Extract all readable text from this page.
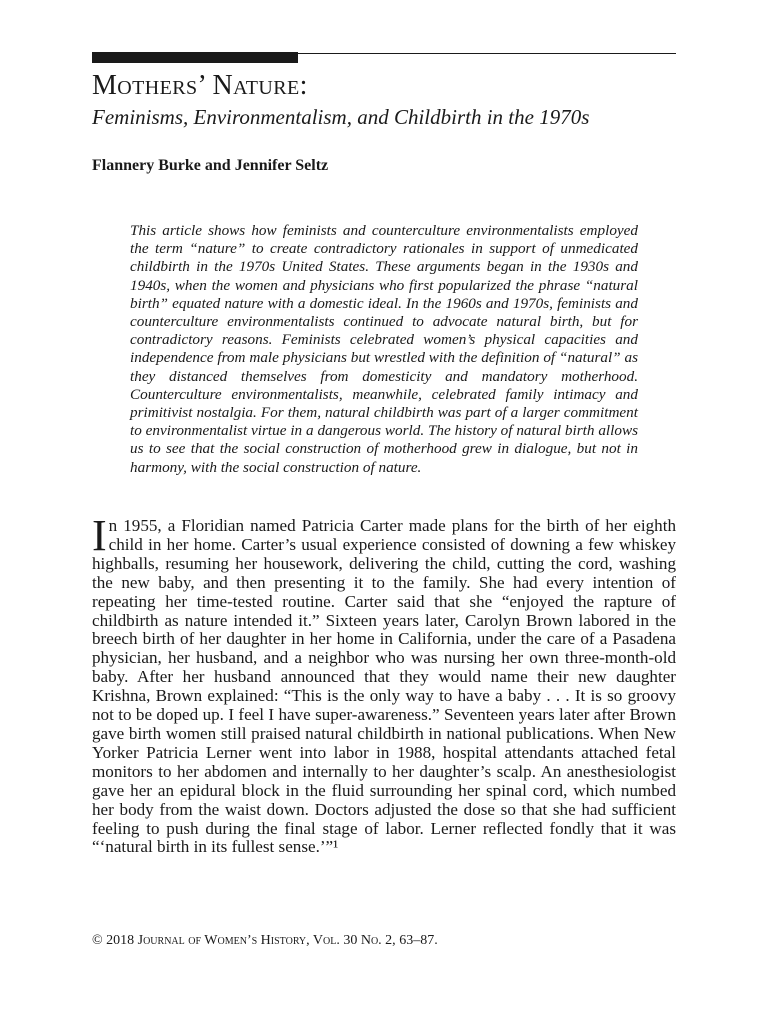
Mothers’ Nature:
Feminisms, Environmentalism, and Childbirth in the 1970s

Flannery Burke and Jennifer Seltz

This article shows how feminists and counterculture environmentalists employed the term “nature” to create contradictory rationales in support of unmedicated childbirth in the 1970s United States. These arguments began in the 1930s and 1940s, when the women and physicians who first popularized the phrase “natural birth” equated nature with a domestic ideal. In the 1960s and 1970s, feminists and counterculture environmentalists continued to advocate natural birth, but for contradictory reasons. Feminists celebrated women’s physical capacities and independence from male physicians but wrestled with the definition of “natural” as they distanced themselves from domesticity and mandatory motherhood. Counterculture environmentalists, meanwhile, celebrated family intimacy and primitivist nostalgia. For them, natural childbirth was part of a larger commitment to environmentalist virtue in a dangerous world. The history of natural birth allows us to see that the social construction of motherhood grew in dialogue, but not in harmony, with the social construction of nature.

In 1955, a Floridian named Patricia Carter made plans for the birth of her eighth child in her home. Carter’s usual experience consisted of downing a few whiskey highballs, resuming her housework, delivering the child, cutting the cord, washing the new baby, and then presenting it to the family. She had every intention of repeating her time-tested routine. Carter said that she “enjoyed the rapture of childbirth as nature intended it.” Sixteen years later, Carolyn Brown labored in the breech birth of her daughter in her home in California, under the care of a Pasadena physician, her husband, and a neighbor who was nursing her own three-month-old baby. After her husband announced that they would name their new daughter Krishna, Brown explained: “This is the only way to have a baby . . . It is so groovy not to be doped up. I feel I have super-awareness.” Seventeen years later after Brown gave birth women still praised natural childbirth in national publications. When New Yorker Patricia Lerner went into labor in 1988, hospital attendants attached fetal monitors to her abdomen and internally to her daughter’s scalp. An anesthesiologist gave her an epidural block in the fluid surrounding her spinal cord, which numbed her body from the waist down. Doctors adjusted the dose so that she had sufficient feeling to push during the final stage of labor. Lerner reflected fondly that it was “‘natural birth in its fullest sense.’”¹

© 2018 Journal of Women’s History, Vol. 30 No. 2, 63–87.
